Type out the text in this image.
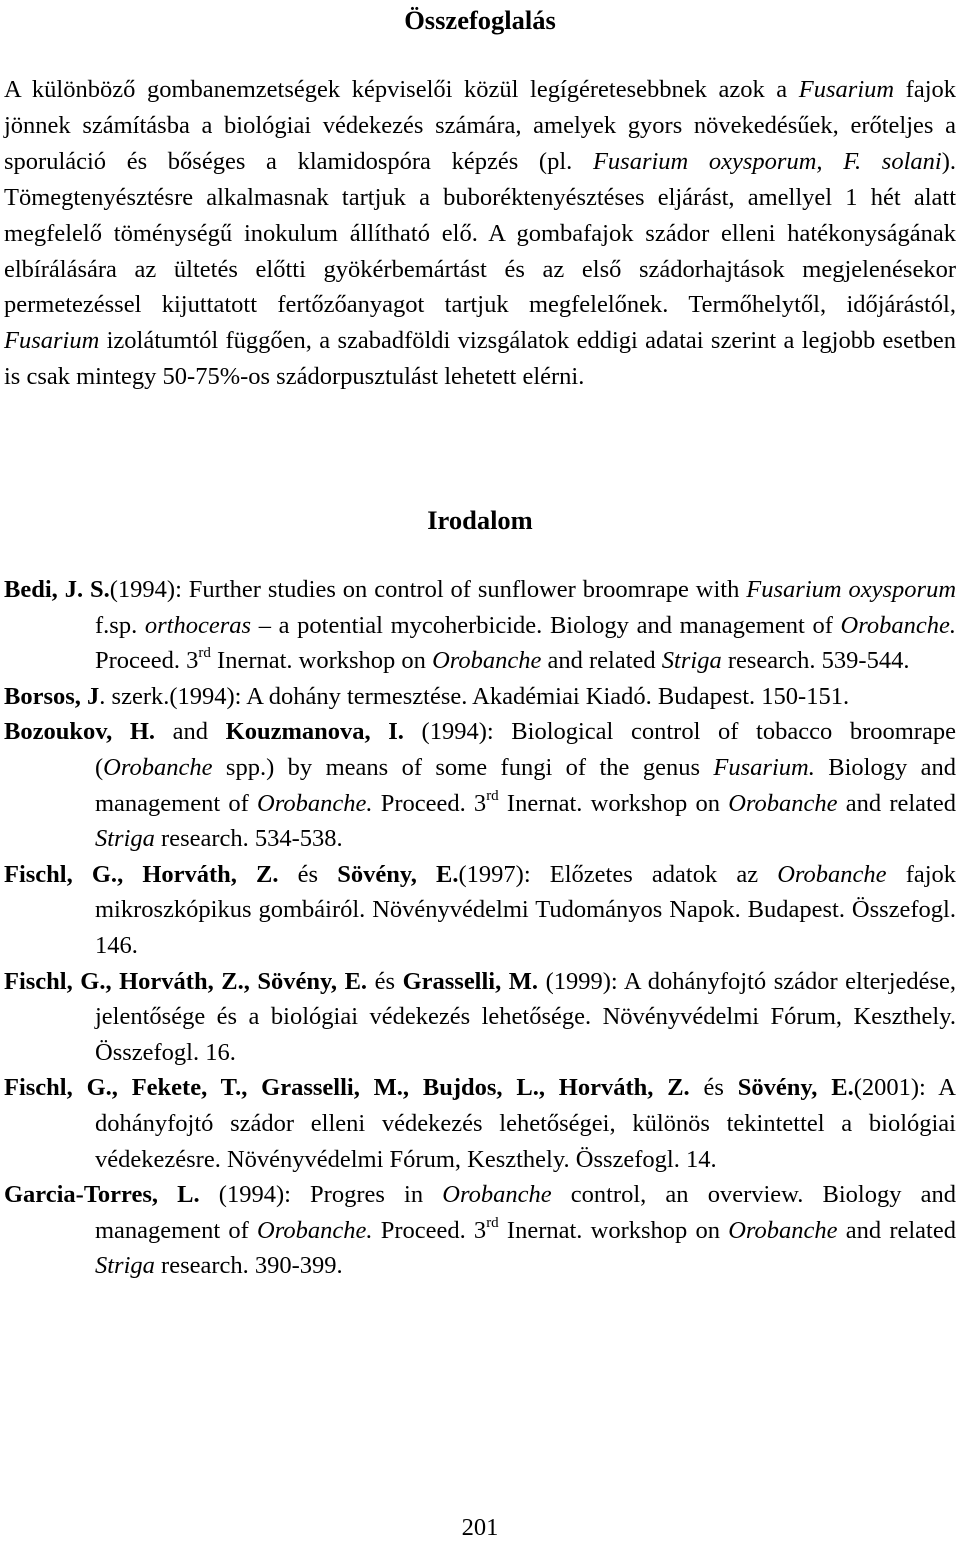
Összefoglalás

A különböző gombanemzetségek képviselői közül legígéretesebbnek azok a Fusarium fajok jönnek számításba a biológiai védekezés számára, amelyek gyors növekedésűek, erőteljes a sporuláció és bőséges a klamidospóra képzés (pl. Fusarium oxysporum, F. solani). Tömegtenyésztésre alkalmasnak tartjuk a buboréktenyésztéses eljárást, amellyel 1 hét alatt megfelelő töménységű inokulum állítható elő. A gombafajok szádor elleni hatékonyságának elbírálására az ültetés előtti gyökérbemártást és az első szádorhajtások megjelenésekor permetezéssel kijuttatott fertőzőanyagot tartjuk megfelelőnek. Termőhelytől, időjárástól, Fusarium izolátumtól függően, a szabadföldi vizsgálatok eddigi adatai szerint a legjobb esetben is csak mintegy 50-75%-os szádorpusztulást lehetett elérni.

Irodalom
Bedi, J. S.(1994): Further studies on control of sunflower broomrape with Fusarium oxysporum f.sp. orthoceras – a potential mycoherbicide. Biology and management of Orobanche. Proceed. 3rd Inernat. workshop on Orobanche and related Striga research. 539-544.
Borsos, J. szerk.(1994): A dohány termesztése. Akadémiai Kiadó. Budapest. 150-151.
Bozoukov, H. and Kouzmanova, I. (1994): Biological control of tobacco broomrape (Orobanche spp.) by means of some fungi of the genus Fusarium. Biology and management of Orobanche. Proceed. 3rd Inernat. workshop on Orobanche and related Striga research. 534-538.
Fischl, G., Horváth, Z. és Sövény, E.(1997): Előzetes adatok az Orobanche fajok mikroszkópikus gombáiról. Növényvédelmi Tudományos Napok. Budapest. Összefogl. 146.
Fischl, G., Horváth, Z., Sövény, E. és Grasselli, M. (1999): A dohányfojtó szádor elterjedése, jelentősége és a biológiai védekezés lehetősége. Növényvédelmi Fórum, Keszthely. Összefogl. 16.
Fischl, G., Fekete, T., Grasselli, M., Bujdos, L., Horváth, Z. és Sövény, E.(2001): A dohányfojtó szádor elleni védekezés lehetőségei, különös tekintettel a biológiai védekezésre. Növényvédelmi Fórum, Keszthely. Összefogl. 14.
Garcia-Torres, L. (1994): Progres in Orobanche control, an overview. Biology and management of Orobanche. Proceed. 3rd Inernat. workshop on Orobanche and related Striga research. 390-399.
201
